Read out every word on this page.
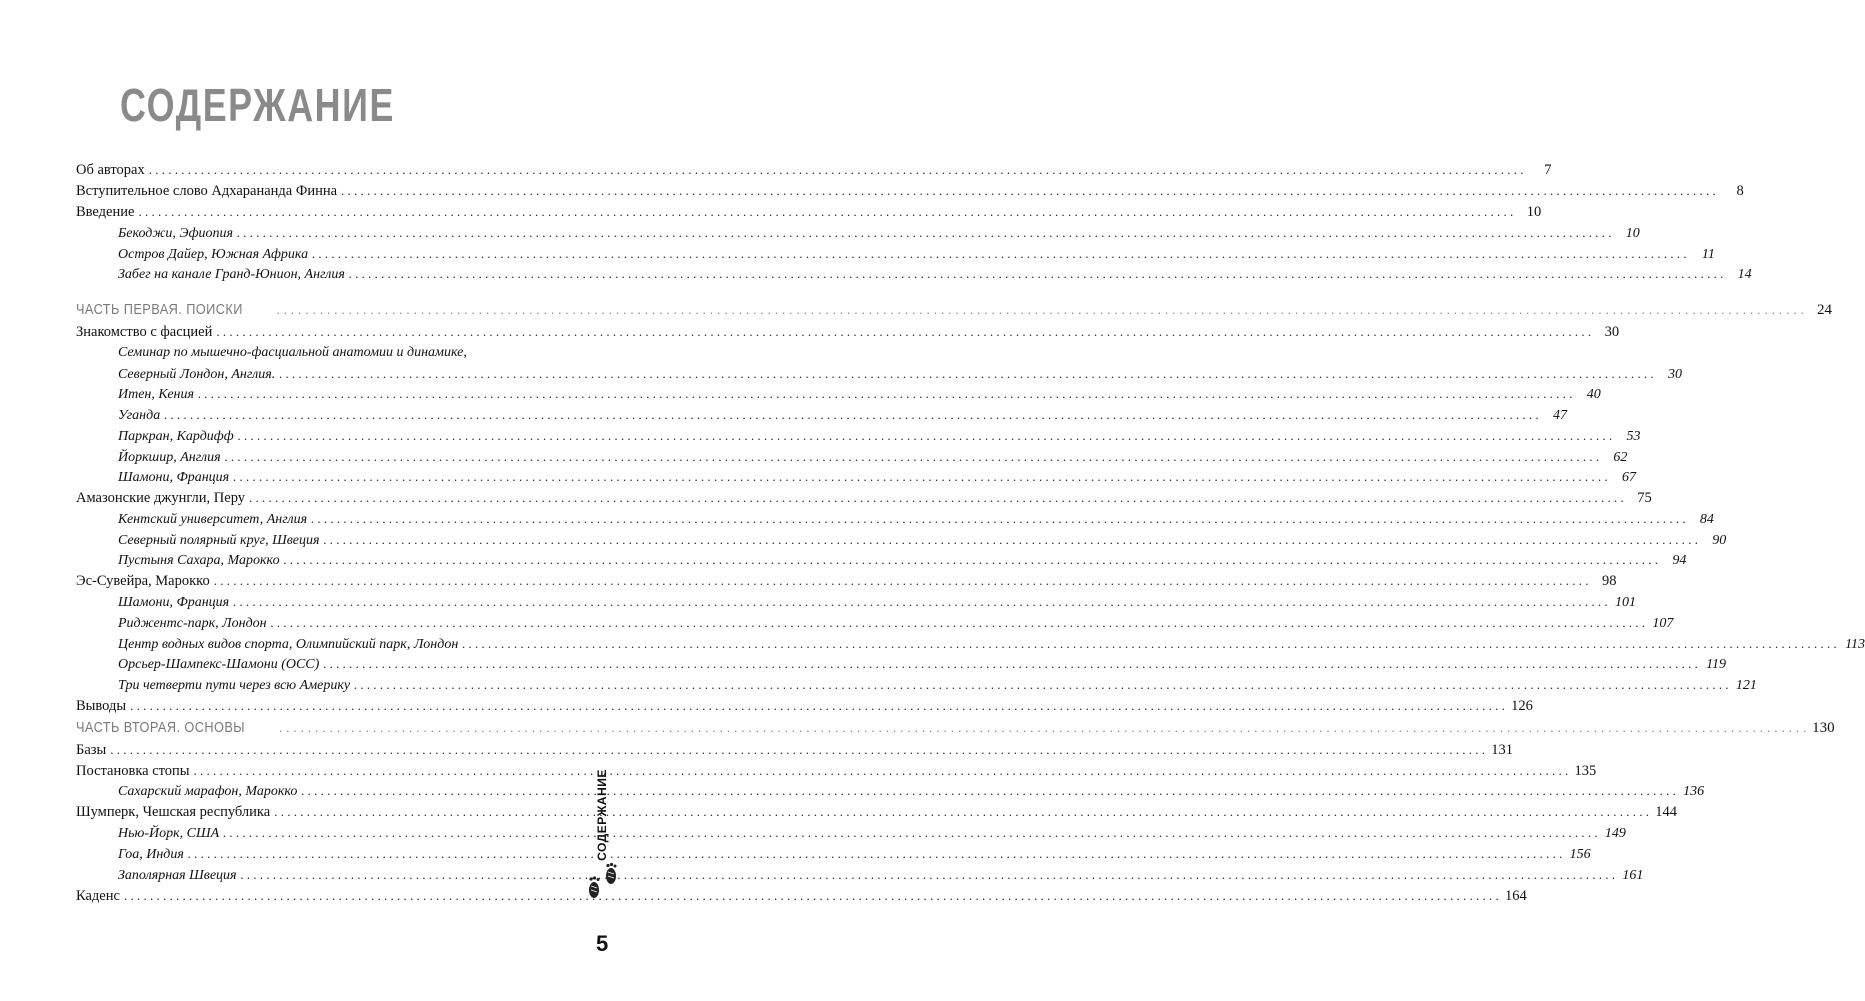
СОДЕРЖАНИЕ
Об авторах . . .	7
Вступительное слово Адхарананда Финна . . .	8
Введение . . .	10
Бекоджи, Эфиопия . . .	10
Остров Дайер, Южная Африка . . .	11
Забег на канале Гранд-Юнион, Англия . . .	14
ЧАСТЬ ПЕРВАЯ. ПОИСКИ . . .	24
Знакомство с фасцией . . .	30
Семинар по мышечно-фасциальной анатомии и динамике,
Северный Лондон, Англия. . . .	30
Итен, Кения . . .	40
Уганда . . .	47
Паркран, Кардифф . . .	53
Йоркшир, Англия . . .	62
Шамони, Франция . . .	67
Амазонские джунгли, Перу . . .	75
Кентский университет, Англия . . .	84
Северный полярный круг, Швеция . . .	90
Пустыня Сахара, Марокко . . .	94
Эс-Сувейра, Марокко . . .	98
Шамони, Франция . . .	101
Риджентс-парк, Лондон . . .	107
Центр водных видов спорта, Олимпийский парк, Лондон . . .	113
Орсьер-Шампекс-Шамони (ОСС) . . .	119
Три четверти пути через всю Америку . . .	121
Выводы . . .	126
ЧАСТЬ ВТОРАЯ. ОСНОВЫ . . .	130
Базы . . .	131
Постановка стопы . . .	135
Сахарский марафон, Марокко . . .	136
Шумперк, Чешская республика . . .	144
Нью-Йорк, США . . .	149
Гоа, Индия . . .	156
Заполярная Швеция . . .	161
Каденс . . .	164
СОДЕРЖАНИЕ
5
